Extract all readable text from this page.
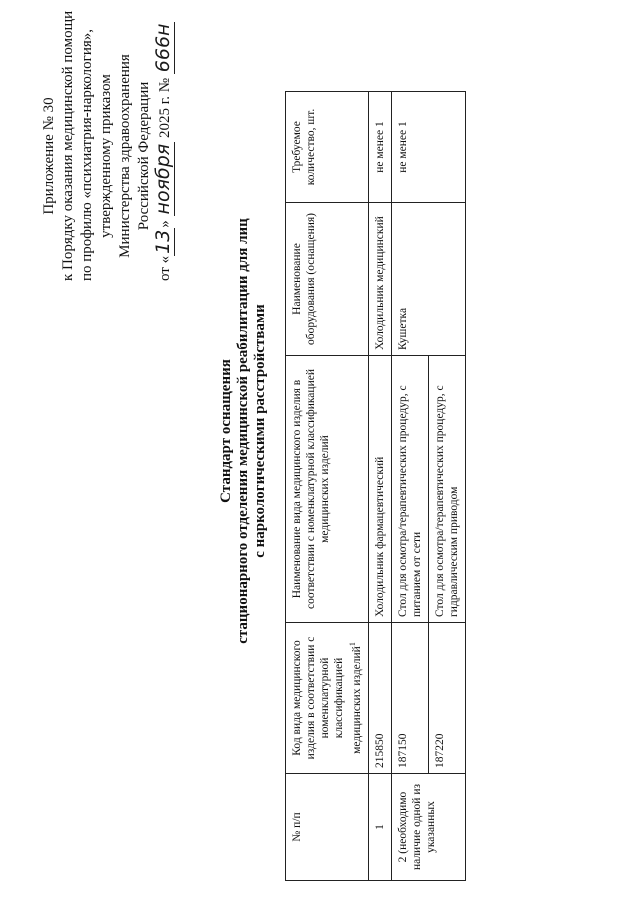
Приложение № 30 к Порядку оказания медицинской помощи по профилю «психиатрия-наркология», утвержденному приказом Министерства здравоохранения Российской Федерации
от «13» ноября 2025 г. № 666н
Стандарт оснащения стационарного отделения медицинской реабилитации для лиц с наркологическими расстройствами
№ п/п	Код вида медицинского изделия в соответствии с номенклатурной классификацией медицинских изделий$^1$	Наименование вида медицинского изделия в соответствии с номенклатурной классификацией медицинских изделий	Наименование оборудования (оснащения)	Требуемое количество, шт.
1	215850	Холодильник фармацевтический	Холодильник медицинский	не менее 1
2 (необходимо наличие одной из указанных	187150	Стол для осмотра/терапевтических процедур, с питанием от сети	Кушетка	не менее 1
	187220	Стол для осмотра/терапевтических процедур, с гидравлическим приводом		
